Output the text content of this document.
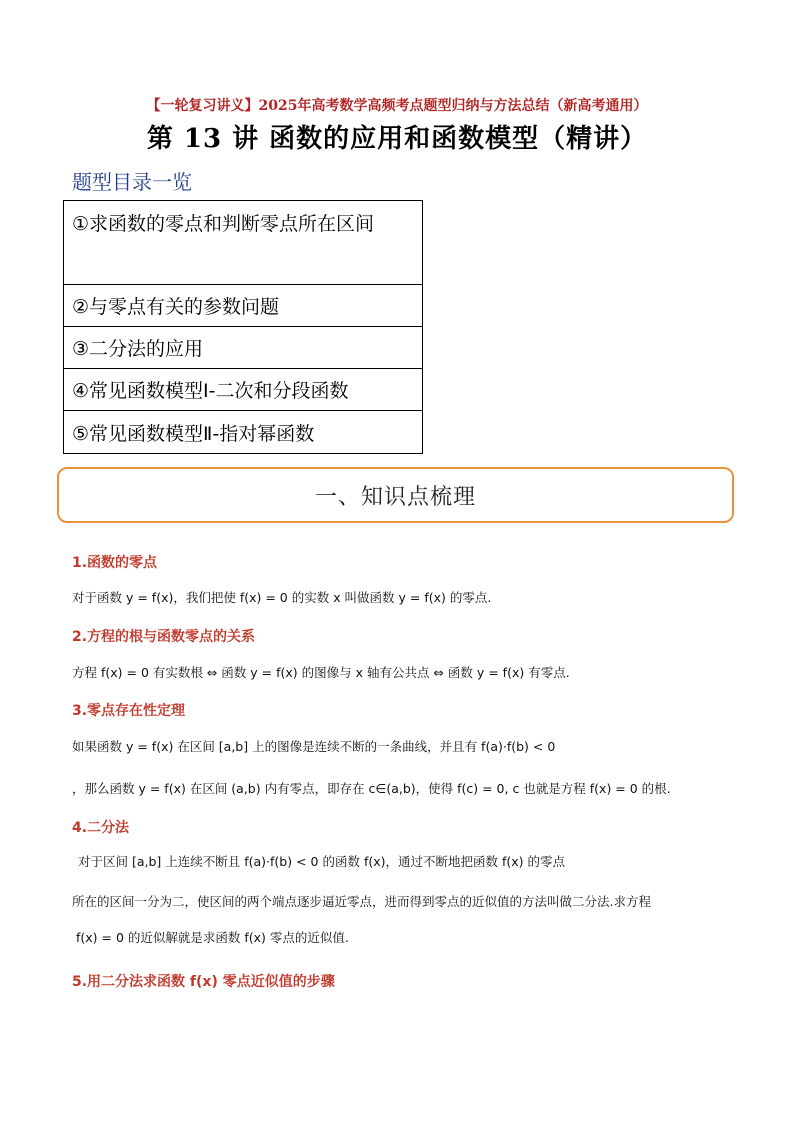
【一轮复习讲义】2025年高考数学高频考点题型归纳与方法总结（新高考通用）
第 13 讲 函数的应用和函数模型（精讲）
题型目录一览
①求函数的零点和判断零点所在区间
②与零点有关的参数问题
③二分法的应用
④常见函数模型Ⅰ-二次和分段函数
⑤常见函数模型Ⅱ-指对幂函数
一、知识点梳理
1.函数的零点
对于函数 y = f(x)，我们把使 f(x) = 0 的实数 x 叫做函数 y = f(x) 的零点.
2.方程的根与函数零点的关系
方程 f(x) = 0 有实数根 ⇔ 函数 y = f(x) 的图像与 x 轴有公共点 ⇔ 函数 y = f(x) 有零点.
3.零点存在性定理
如果函数 y = f(x) 在区间 [a,b] 上的图像是连续不断的一条曲线，并且有 f(a)·f(b) < 0
，那么函数 y = f(x) 在区间 (a,b) 内有零点，即存在 c∈(a,b)，使得 f(c) = 0, c 也就是方程 f(x) = 0 的根.
4.二分法
对于区间 [a,b] 上连续不断且 f(a)·f(b) < 0 的函数 f(x)，通过不断地把函数 f(x) 的零点
所在的区间一分为二，使区间的两个端点逐步逼近零点，进而得到零点的近似值的方法叫做二分法.求方程
f(x) = 0 的近似解就是求函数 f(x) 零点的近似值.
5.用二分法求函数 f(x) 零点近似值的步骤
